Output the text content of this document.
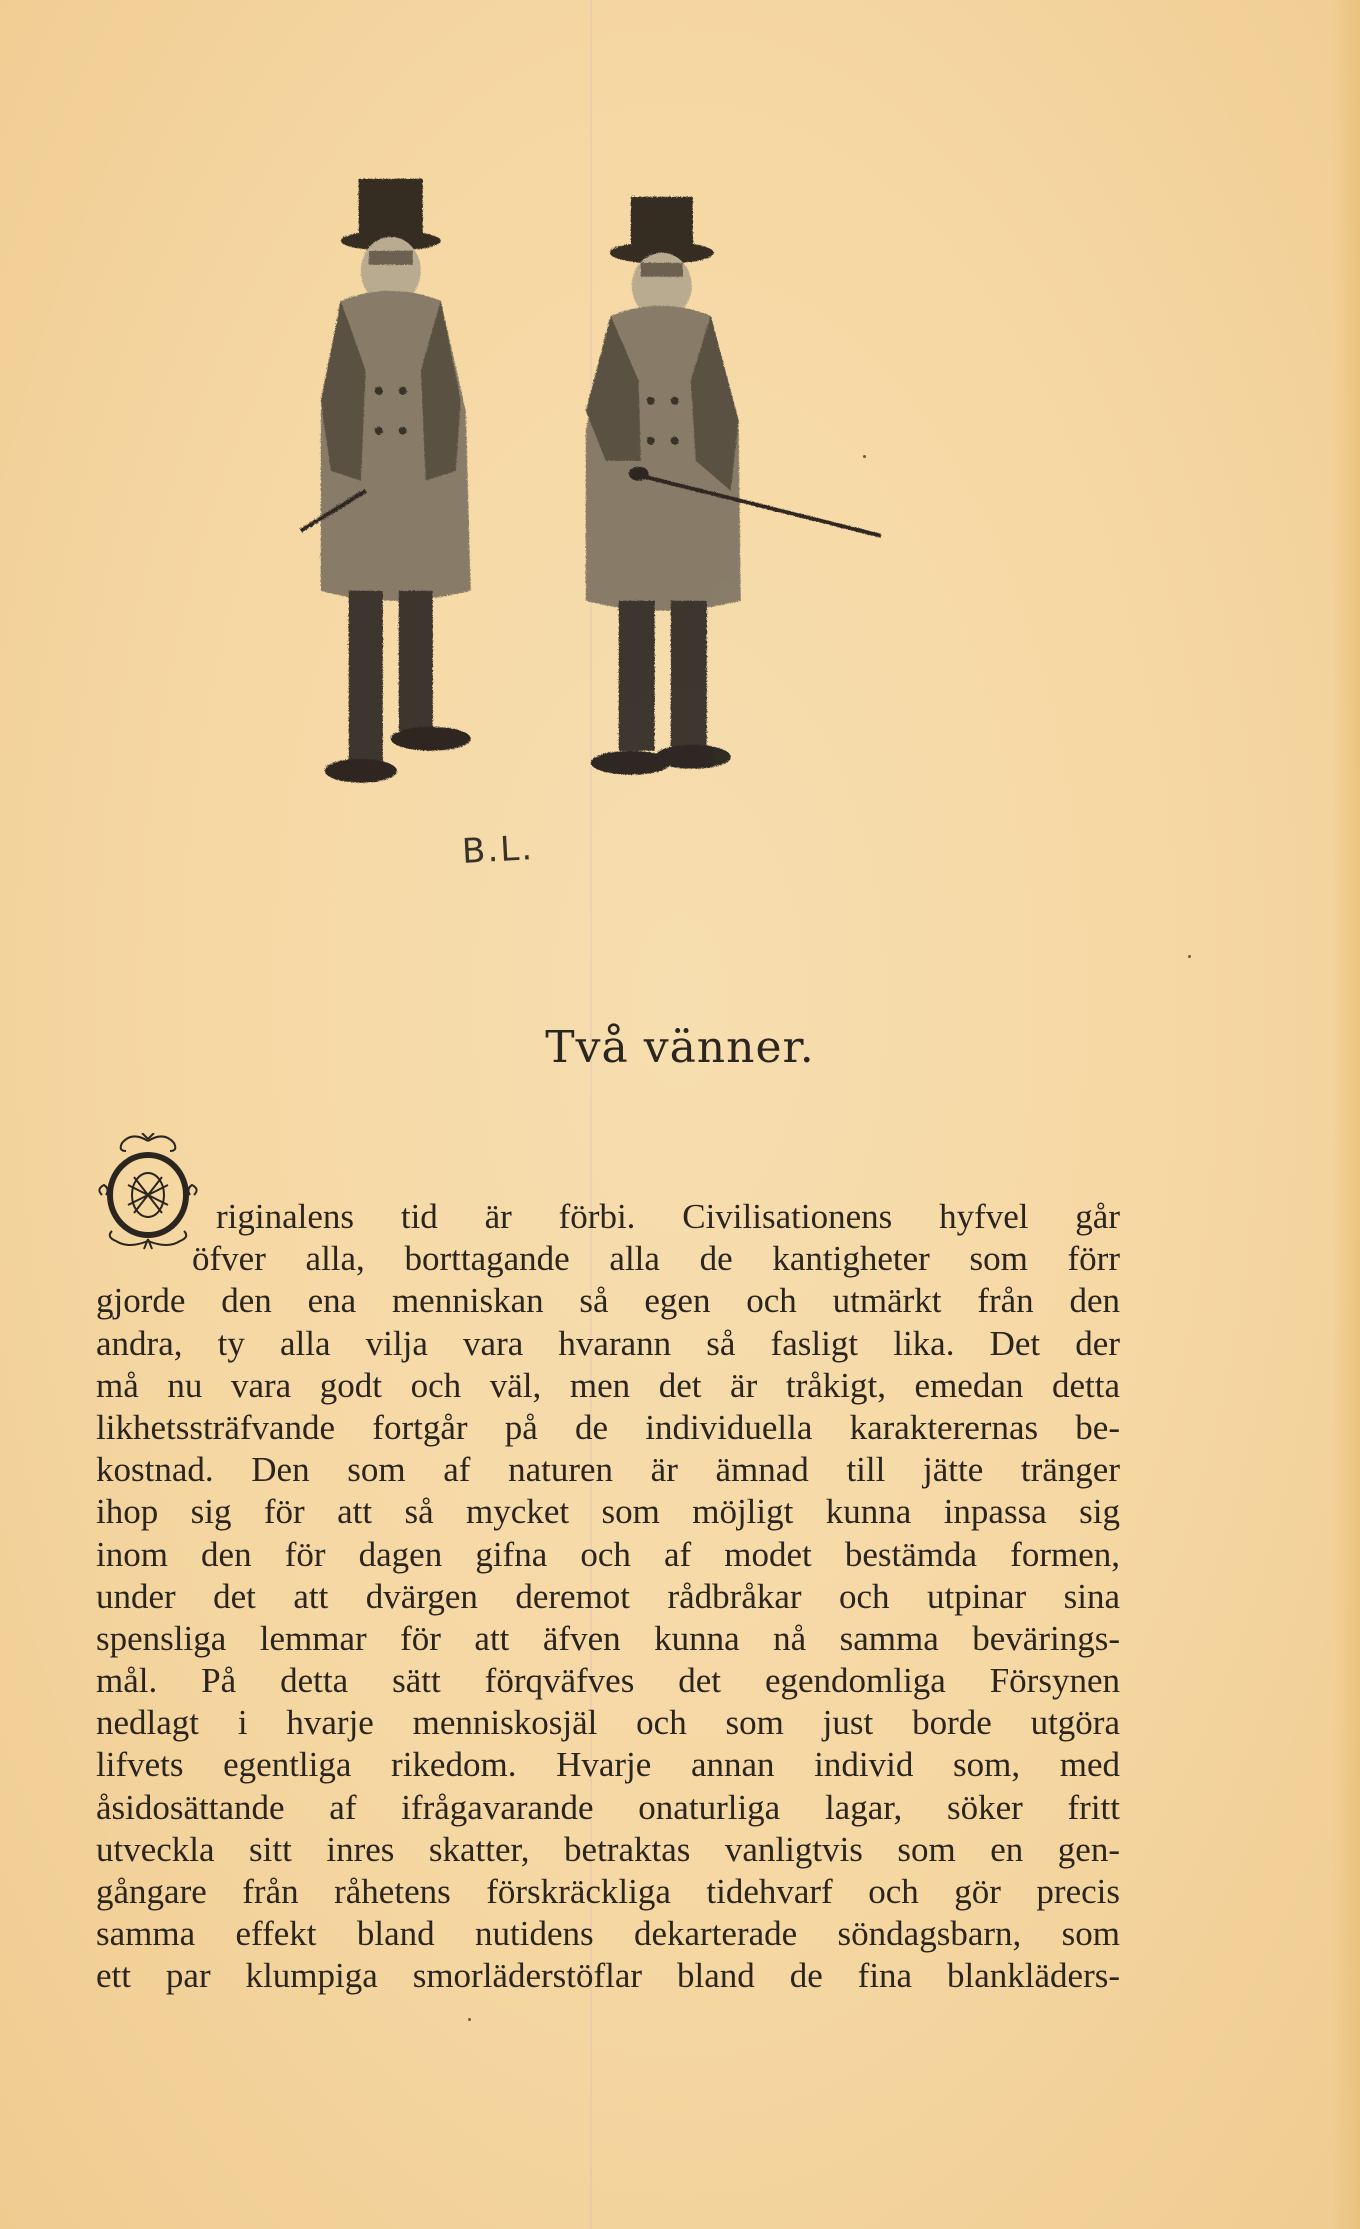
B.L.
Två vänner.
riginalens tid är förbi. Civilisationens hyfvel går
öfver alla, borttagande alla de kantigheter som förr
gjorde den ena menniskan så egen och utmärkt från den
andra, ty alla vilja vara hvarann så fasligt lika. Det der
må nu vara godt och väl, men det är tråkigt, emedan detta
likhetssträfvande fortgår på de individuella karakterernas be-
kostnad. Den som af naturen är ämnad till jätte tränger
ihop sig för att så mycket som möjligt kunna inpassa sig
inom den för dagen gifna och af modet bestämda formen,
under det att dvärgen deremot rådbråkar och utpinar sina
spensliga lemmar för att äfven kunna nå samma bevärings-
mål. På detta sätt förqväfves det egendomliga Försynen
nedlagt i hvarje menniskosjäl och som just borde utgöra
lifvets egentliga rikedom. Hvarje annan individ som, med
åsidosättande af ifrågavarande onaturliga lagar, söker fritt
utveckla sitt inres skatter, betraktas vanligtvis som en gen-
gångare från råhetens förskräckliga tidehvarf och gör precis
samma effekt bland nutidens dekarterade söndagsbarn, som
ett par klumpiga smorläderstöflar bland de fina blankläders-
